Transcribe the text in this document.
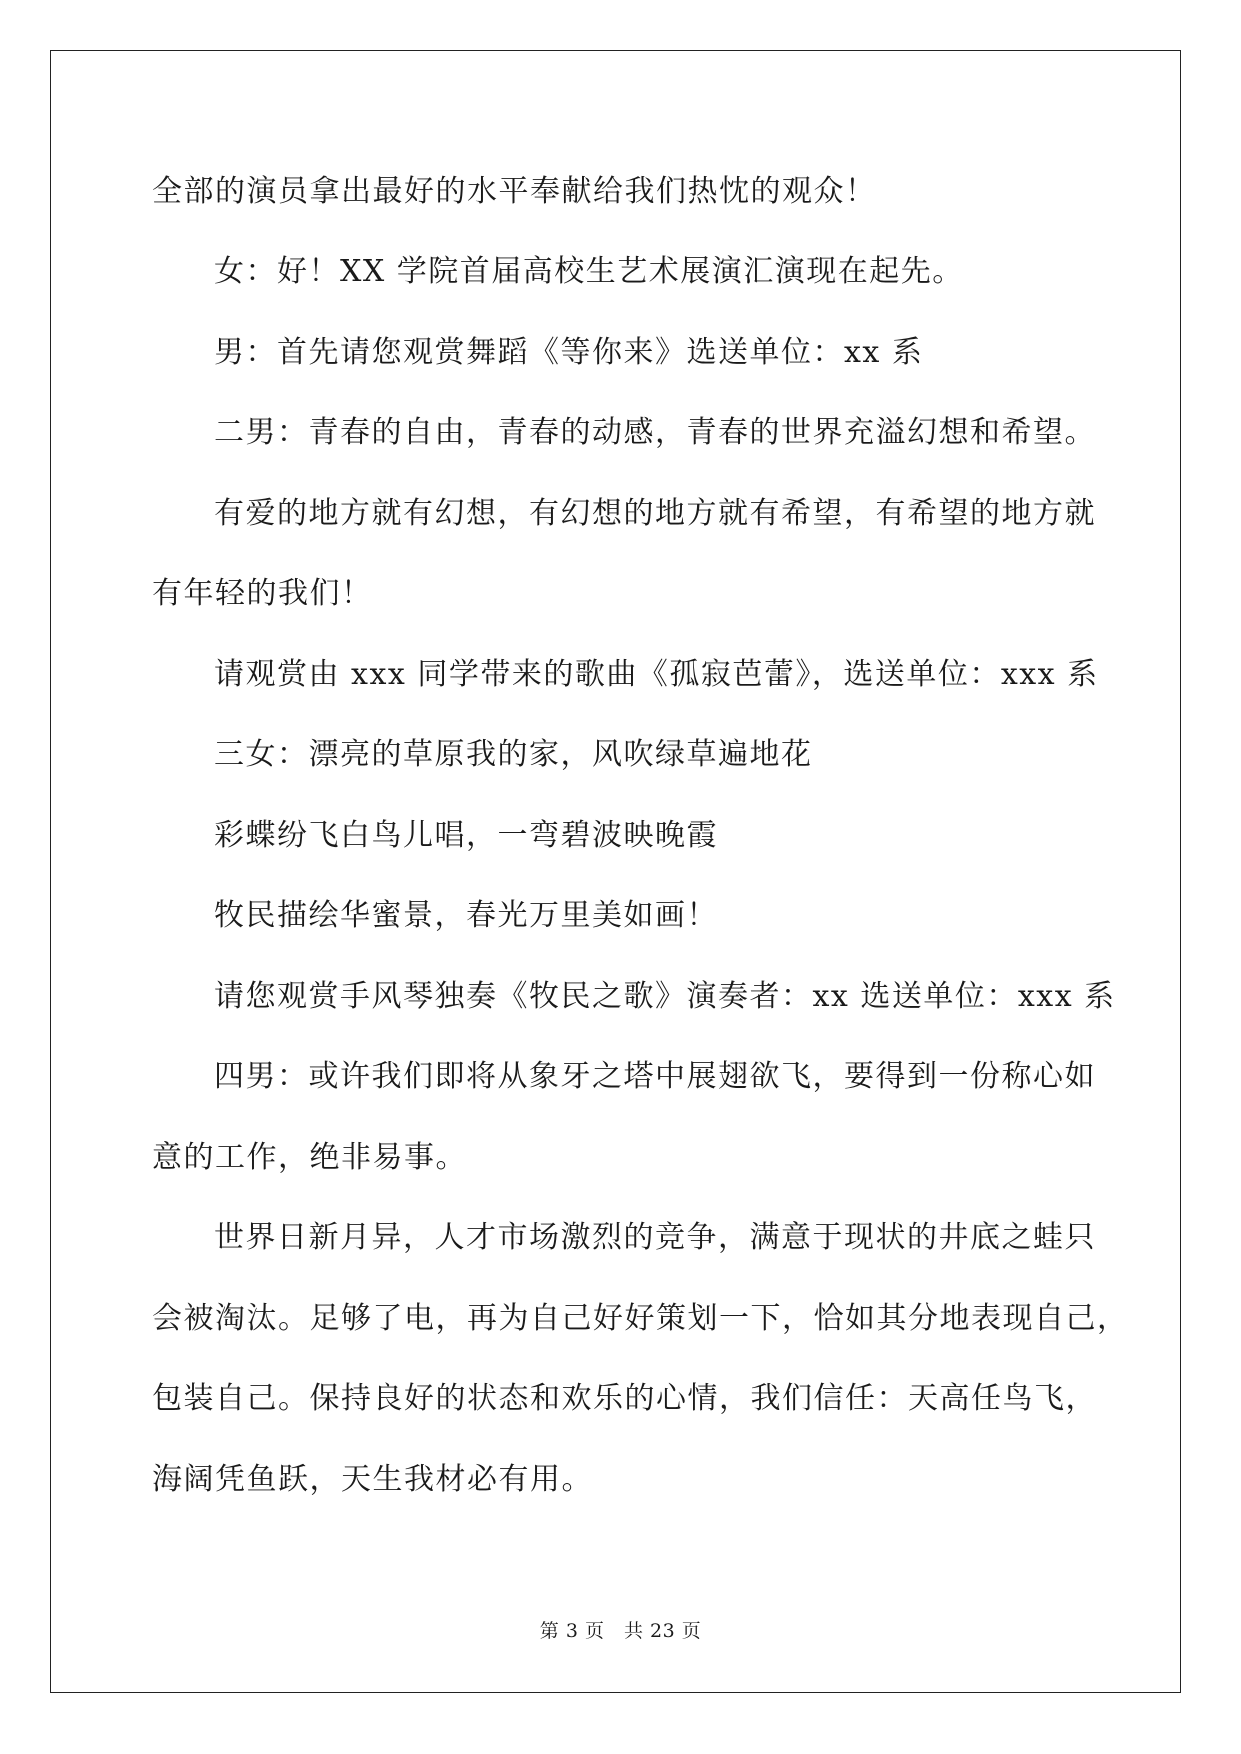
全部的演员拿出最好的水平奉献给我们热忱的观众！
女：好！XX 学院首届高校生艺术展演汇演现在起先。
男：首先请您观赏舞蹈《等你来》选送单位：xx 系
二男：青春的自由，青春的动感，青春的世界充溢幻想和希望。
有爱的地方就有幻想，有幻想的地方就有希望，有希望的地方就
有年轻的我们！
请观赏由 xxx 同学带来的歌曲《孤寂芭蕾》，选送单位：xxx 系
三女：漂亮的草原我的家，风吹绿草遍地花
彩蝶纷飞白鸟儿唱，一弯碧波映晚霞
牧民描绘华蜜景，春光万里美如画！
请您观赏手风琴独奏《牧民之歌》演奏者：xx 选送单位：xxx 系
四男：或许我们即将从象牙之塔中展翅欲飞，要得到一份称心如
意的工作，绝非易事。
世界日新月异，人才市场激烈的竞争，满意于现状的井底之蛙只
会被淘汰。足够了电，再为自己好好策划一下，恰如其分地表现自己，
包装自己。保持良好的状态和欢乐的心情，我们信任：天高任鸟飞，
海阔凭鱼跃，天生我材必有用。
第 3 页　共 23 页
